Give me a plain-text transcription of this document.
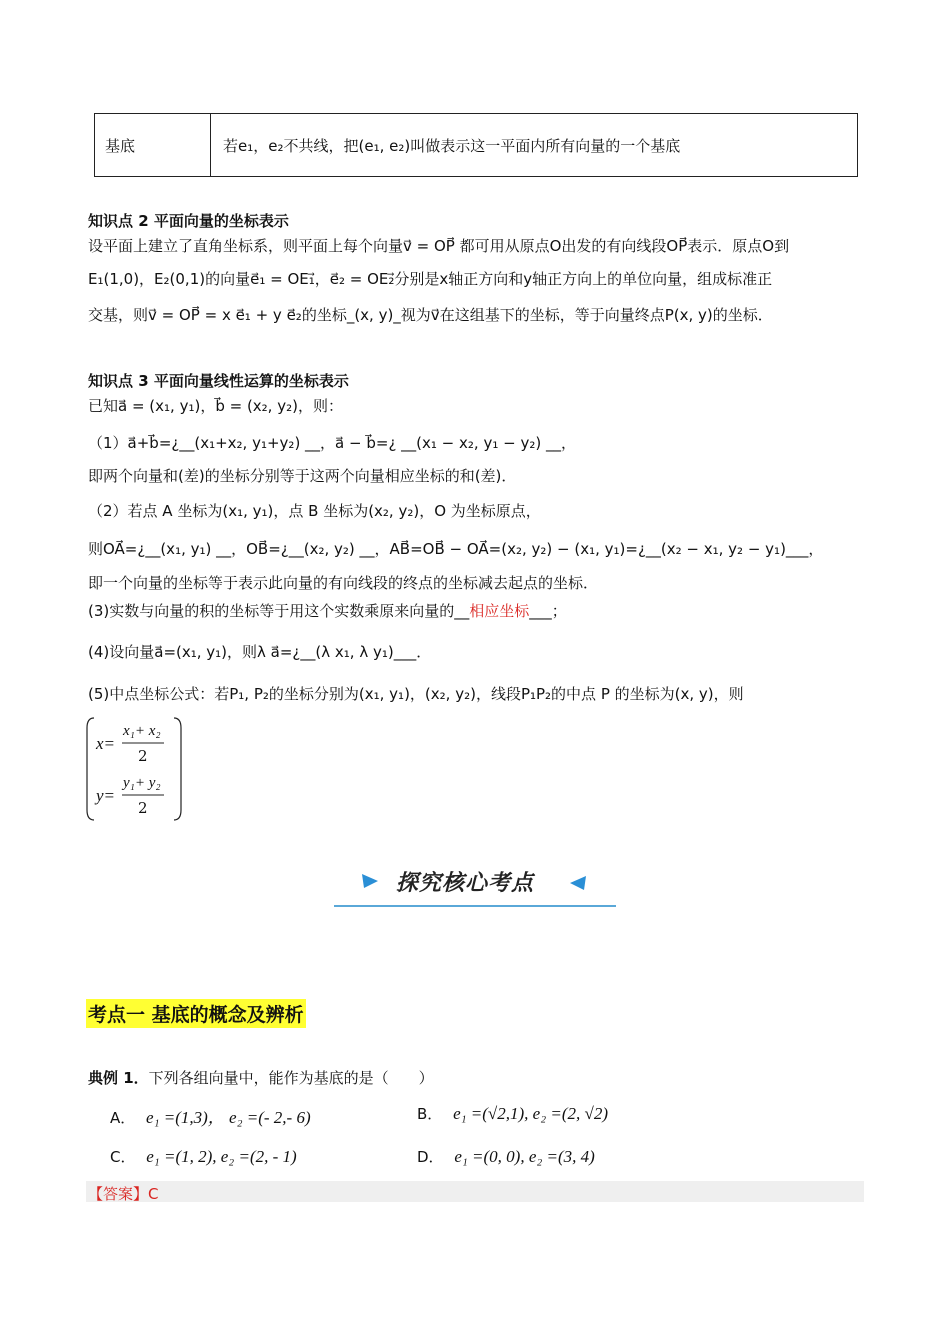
基底	若e₁，e₂不共线，把(e₁, e₂)叫做表示这一平面内所有向量的一个基底
知识点 2 平面向量的坐标表示
设平面上建立了直角坐标系，则平面上每个向量v⃗ = OP⃗ 都可用从原点O出发的有向线段OP⃗表示．原点O到
E₁(1,0)，E₂(0,1)的向量e⃗₁ = OE₁⃗，e⃗₂ = OE₂⃗分别是x轴正方向和y轴正方向上的单位向量，组成标准正
交基，则v⃗ = OP⃗ = x e⃗₁ + y e⃗₂的坐标_(x, y)_视为v⃗在这组基下的坐标，等于向量终点P(x, y)的坐标．
知识点 3 平面向量线性运算的坐标表示
已知a⃗ = (x₁, y₁)，b⃗ = (x₂, y₂)，则：
（1）a⃗+b⃗=¿__(x₁+x₂, y₁+y₂) __，a⃗ − b⃗=¿ __(x₁ − x₂, y₁ − y₂) __，
即两个向量和(差)的坐标分别等于这两个向量相应坐标的和(差)．
（2）若点 A 坐标为(x₁, y₁)，点 B 坐标为(x₂, y₂)，O 为坐标原点，
则OA⃗=¿__(x₁, y₁) __，OB⃗=¿__(x₂, y₂) __，AB⃗=OB⃗ − OA⃗=(x₂, y₂) − (x₁, y₁)=¿__(x₂ − x₁, y₂ − y₁)___，
即一个向量的坐标等于表示此向量的有向线段的终点的坐标减去起点的坐标．
(3)实数与向量的积的坐标等于用这个实数乘原来向量的__相应坐标___；
(4)设向量a⃗=(x₁, y₁)，则λ a⃗=¿__(λ x₁, λ y₁)___．
(5)中点坐标公式：若P₁, P₂的坐标分别为(x₁, y₁)，(x₂, y₂)，线段P₁P₂的中点 P 的坐标为(x, y)，则
x=
x₁+ x₂
2
y=
y₁+ y₂
2
探究核心考点
考点一 基底的概念及辨析
典例 1．下列各组向量中，能作为基底的是（　　）
A． e₁ =(1,3)， e₂ =(- 2,- 6)	B． e₁ =(√2,1), e₂ =(2, √2)
C． e₁ =(1, 2), e₂ =(2, - 1)	D． e₁ =(0, 0), e₂ =(3, 4)
【答案】C
